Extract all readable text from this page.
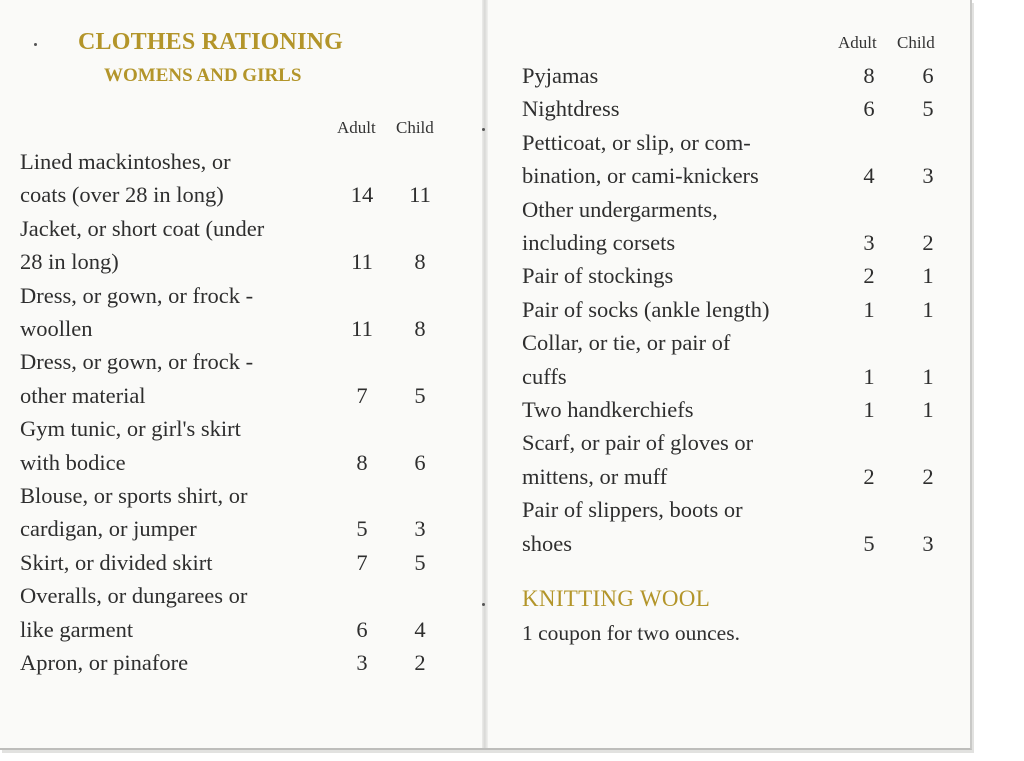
CLOTHES RATIONING
WOMENS AND GIRLS
Adult Child
Lined mackintoshes, or
coats (over 28 in long)	14 11
Jacket, or short coat (under
28 in long)	11	8
Dress, or gown, or frock -
woollen	11	8
Dress, or gown, or frock -
other material	7	5
Gym tunic, or girl's skirt
with bodice	8	6
Blouse, or sports shirt, or
cardigan, or jumper	5	3
Skirt, or divided skirt	7	5
Overalls, or dungarees or
like garment	6	4
Apron, or pinafore	3	2
Adult Child
Pyjamas	8	6
Nightdress	6	5
Petticoat, or slip, or com-
bination, or cami-knickers	4	3
Other undergarments,
including corsets	3	2
Pair of stockings	2	1
Pair of socks (ankle length)	1	1
Collar, or tie, or pair of
cuffs	1	1
Two handkerchiefs	1	1
Scarf, or pair of gloves or
mittens, or muff	2	2
Pair of slippers, boots or
shoes	5	3
KNITTING WOOL
1 coupon for two ounces.
